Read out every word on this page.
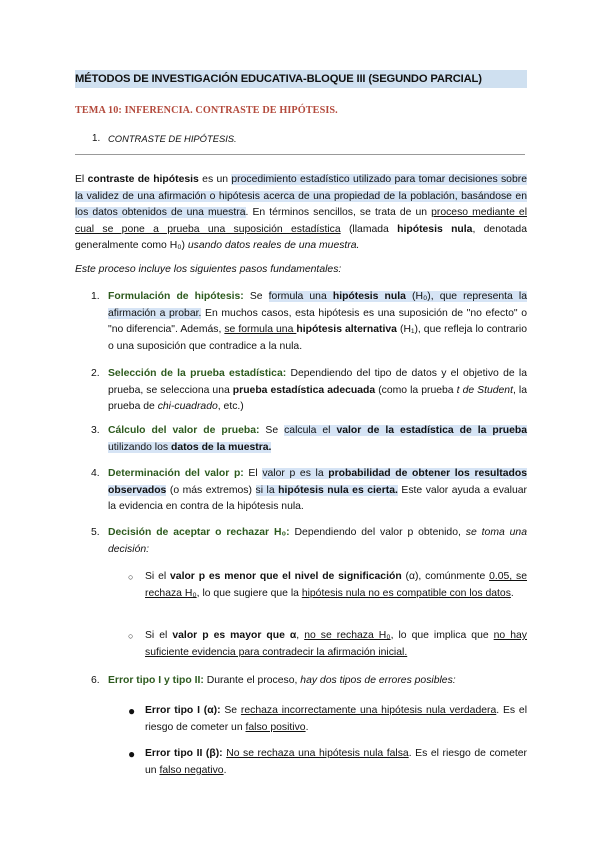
MÉTODOS DE INVESTIGACIÓN EDUCATIVA-BLOQUE III (SEGUNDO PARCIAL)
TEMA 10: INFERENCIA. CONTRASTE DE HIPÓTESIS.
1. CONTRASTE DE HIPÓTESIS.

El contraste de hipótesis es un procedimiento estadístico utilizado para tomar decisiones sobre la validez de una afirmación o hipótesis acerca de una propiedad de la población, basándose en los datos obtenidos de una muestra. En términos sencillos, se trata de un proceso mediante el cual se pone a prueba una suposición estadística (llamada hipótesis nula, denotada generalmente como H₀) usando datos reales de una muestra.

Este proceso incluye los siguientes pasos fundamentales:

1. Formulación de hipótesis: Se formula una hipótesis nula (H₀), que representa la afirmación a probar. En muchos casos, esta hipótesis es una suposición de "no efecto" o "no diferencia". Además, se formula una hipótesis alternativa (H₁), que refleja lo contrario o una suposición que contradice a la nula.

2. Selección de la prueba estadística: Dependiendo del tipo de datos y el objetivo de la prueba, se selecciona una prueba estadística adecuada (como la prueba t de Student, la prueba de chi-cuadrado, etc.)

3. Cálculo del valor de prueba: Se calcula el valor de la estadística de la prueba utilizando los datos de la muestra.

4. Determinación del valor p: El valor p es la probabilidad de obtener los resultados observados (o más extremos) si la hipótesis nula es cierta. Este valor ayuda a evaluar la evidencia en contra de la hipótesis nula.

5. Decisión de aceptar o rechazar H₀: Dependiendo del valor p obtenido, se toma una decisión:

○ Si el valor p es menor que el nivel de significación (α), comúnmente 0.05, se rechaza H₀, lo que sugiere que la hipótesis nula no es compatible con los datos.

○ Si el valor p es mayor que α, no se rechaza H₀, lo que implica que no hay suficiente evidencia para contradecir la afirmación inicial.

6. Error tipo I y tipo II: Durante el proceso, hay dos tipos de errores posibles:

● Error tipo I (α): Se rechaza incorrectamente una hipótesis nula verdadera. Es el riesgo de cometer un falso positivo.

● Error tipo II (β): No se rechaza una hipótesis nula falsa. Es el riesgo de cometer un falso negativo.
